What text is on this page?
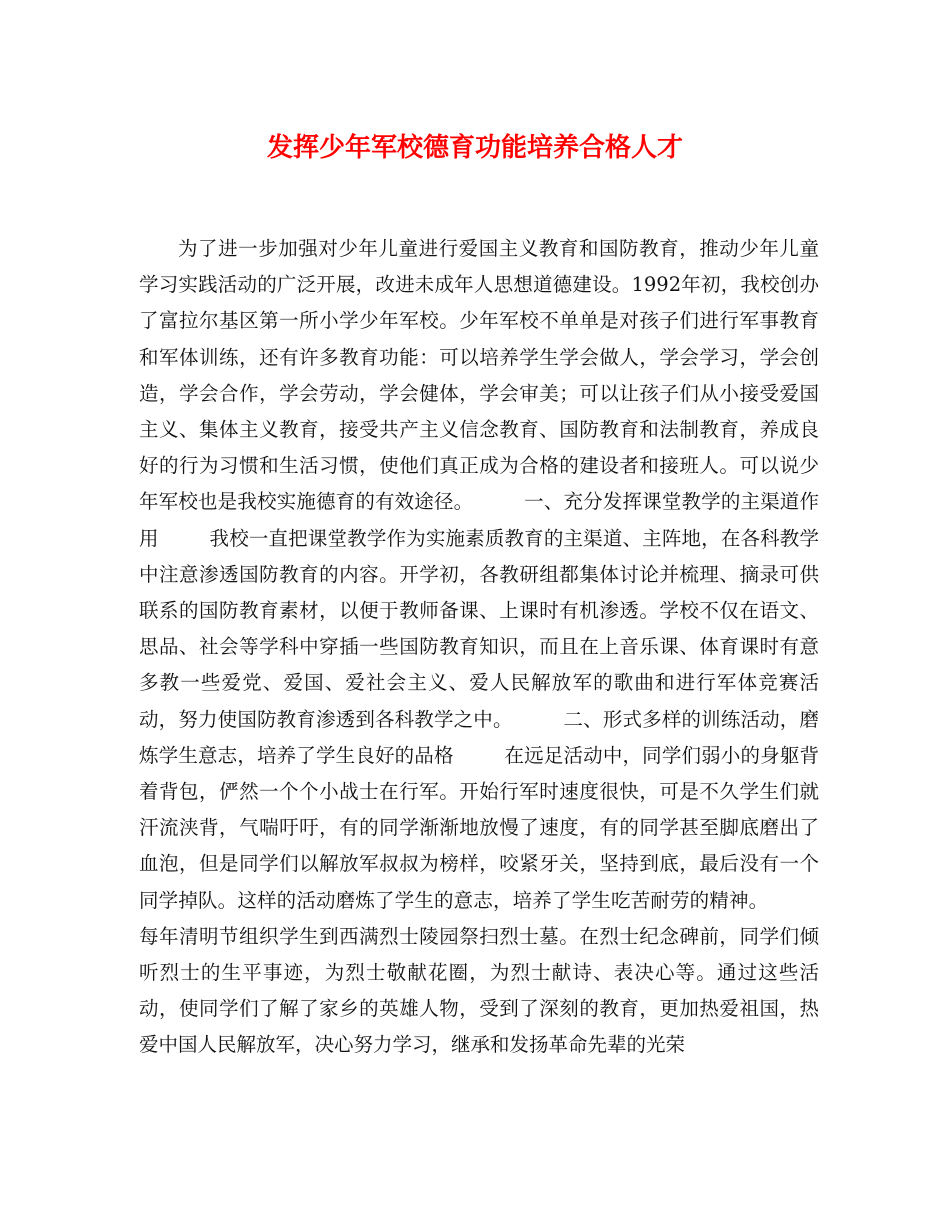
发挥少年军校德育功能培养合格人才

为了进一步加强对少年儿童进行爱国主义教育和国防教育，推动少年儿童学习实践活动的广泛开展，改进未成年人思想道德建设。1992年初，我校创办了富拉尔基区第一所小学少年军校。少年军校不单单是对孩子们进行军事教育和军体训练，还有许多教育功能：可以培养学生学会做人，学会学习，学会创造，学会合作，学会劳动，学会健体，学会审美；可以让孩子们从小接受爱国主义、集体主义教育，接受共产主义信念教育、国防教育和法制教育，养成良好的行为习惯和生活习惯，使他们真正成为合格的建设者和接班人。可以说少年军校也是我校实施德育的有效途径。	一、充分发挥课堂教学的主渠道作用	我校一直把课堂教学作为实施素质教育的主渠道、主阵地，在各科教学中注意渗透国防教育的内容。开学初，各教研组都集体讨论并梳理、摘录可供联系的国防教育素材，以便于教师备课、上课时有机渗透。学校不仅在语文、思品、社会等学科中穿插一些国防教育知识，而且在上音乐课、体育课时有意多教一些爱党、爱国、爱社会主义、爱人民解放军的歌曲和进行军体竞赛活动，努力使国防教育渗透到各科教学之中。	二、形式多样的训练活动，磨炼学生意志，培养了学生良好的品格	在远足活动中，同学们弱小的身躯背着背包，俨然一个个小战士在行军。开始行军时速度很快，可是不久学生们就汗流浃背，气喘吁吁，有的同学渐渐地放慢了速度，有的同学甚至脚底磨出了血泡，但是同学们以解放军叔叔为榜样，咬紧牙关，坚持到底，最后没有一个同学掉队。这样的活动磨炼了学生的意志，培养了学生吃苦耐劳的精神。每年清明节组织学生到西满烈士陵园祭扫烈士墓。在烈士纪念碑前，同学们倾听烈士的生平事迹，为烈士敬献花圈，为烈士献诗、表决心等。通过这些活动，使同学们了解了家乡的英雄人物，受到了深刻的教育，更加热爱祖国，热爱中国人民解放军，决心努力学习，继承和发扬革命先辈的光荣
